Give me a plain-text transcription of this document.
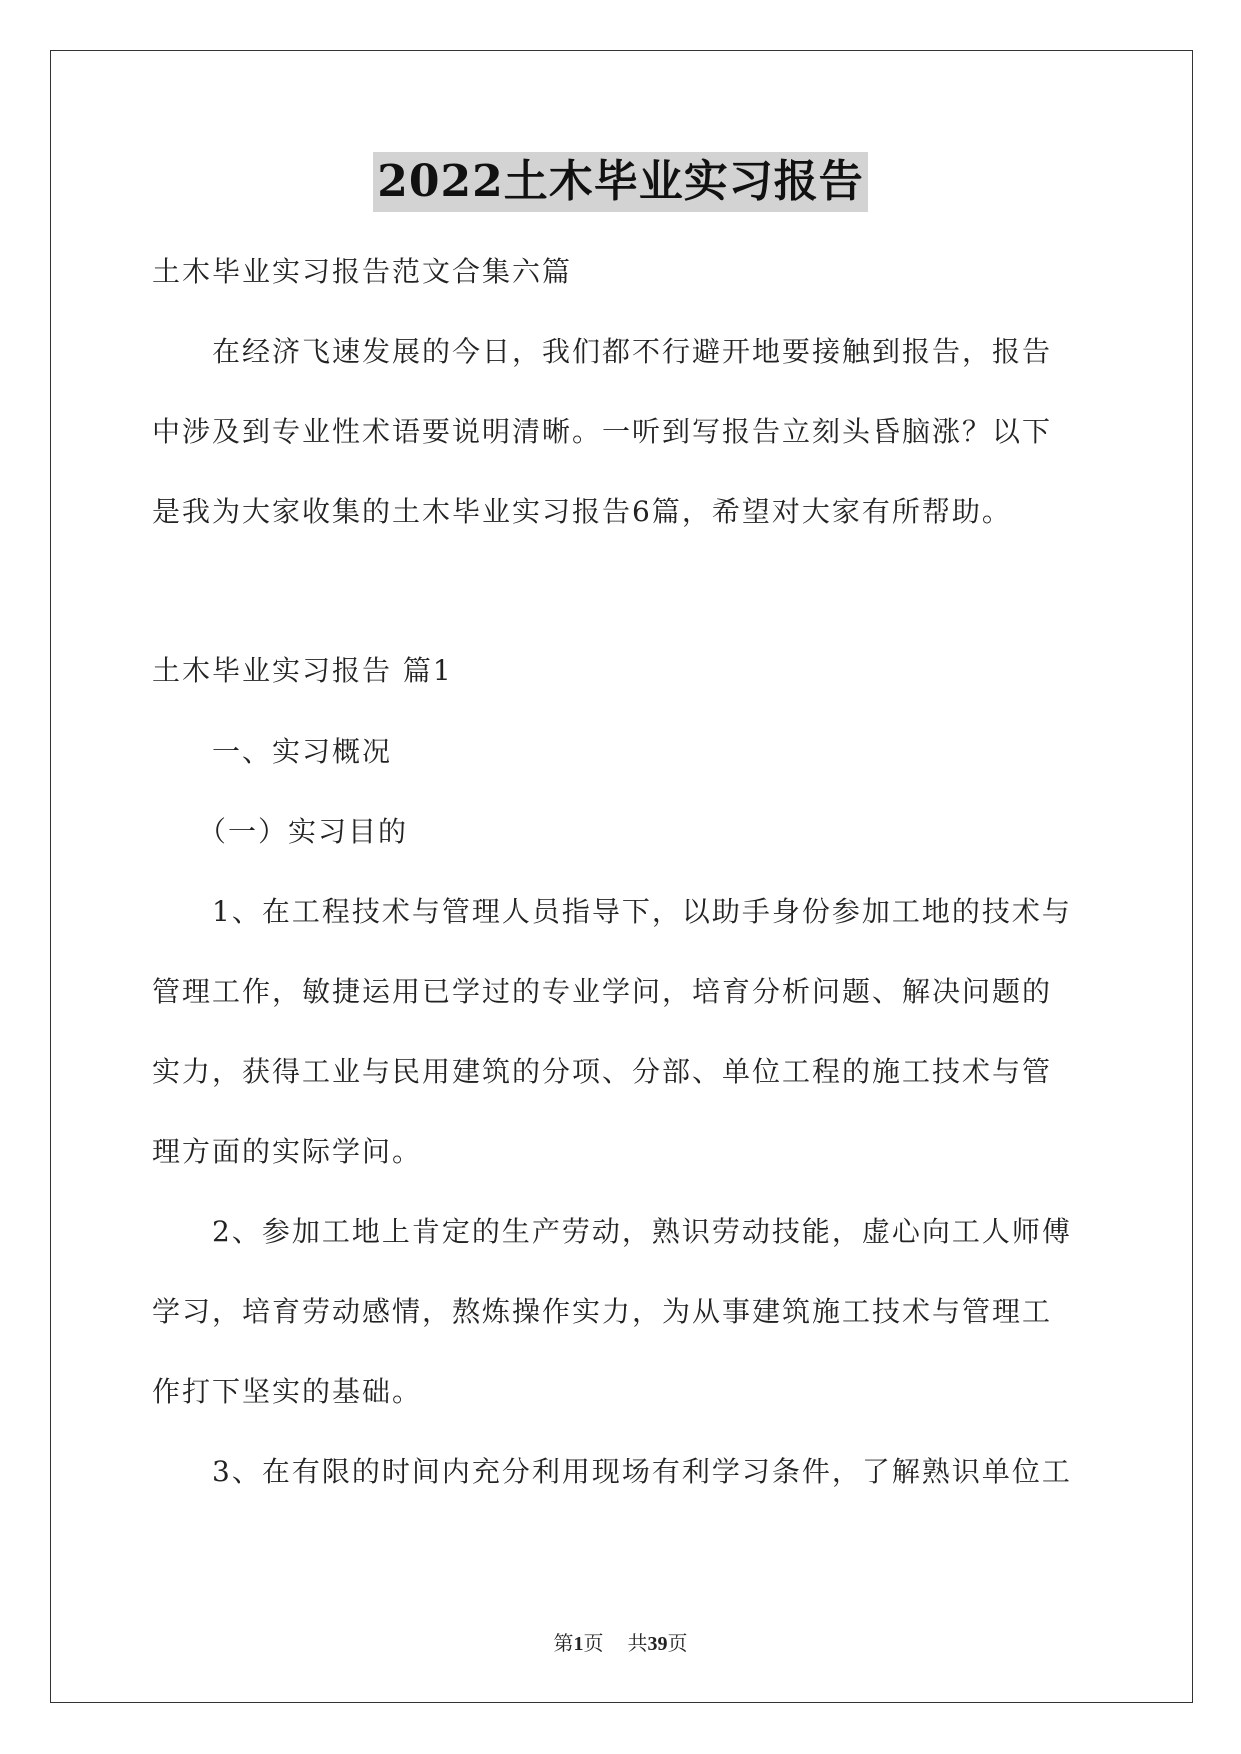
2022土木毕业实习报告
土木毕业实习报告范文合集六篇
　　在经济飞速发展的今日，我们都不行避开地要接触到报告，报告
中涉及到专业性术语要说明清晰。一听到写报告立刻头昏脑涨？以下
是我为大家收集的土木毕业实习报告6篇，希望对大家有所帮助。
土木毕业实习报告 篇1
　　一、实习概况
　　（一）实习目的
　　1、在工程技术与管理人员指导下，以助手身份参加工地的技术与
管理工作，敏捷运用已学过的专业学问，培育分析问题、解决问题的
实力，获得工业与民用建筑的分项、分部、单位工程的施工技术与管
理方面的实际学问。
　　2、参加工地上肯定的生产劳动，熟识劳动技能，虚心向工人师傅
学习，培育劳动感情，熬炼操作实力，为从事建筑施工技术与管理工
作打下坚实的基础。
　　3、在有限的时间内充分利用现场有利学习条件，了解熟识单位工
第1页 共39页
